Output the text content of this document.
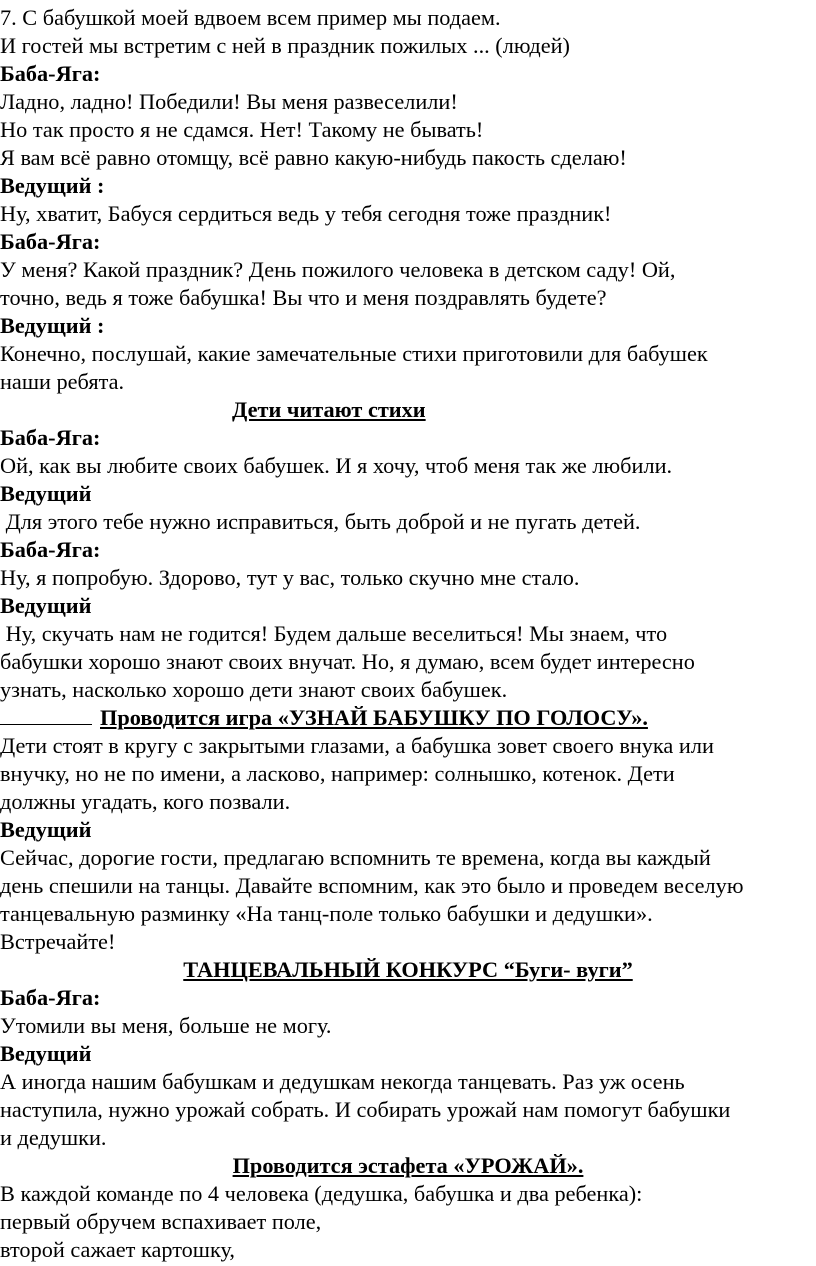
7. С бабушкой моей вдвоем всем пример мы подаем.
И гостей мы встретим с ней в праздник пожилых ... (людей)
Баба-Яга:
Ладно, ладно! Победили! Вы меня развеселили!
Но так просто я не сдамся. Нет! Такому не бывать!
Я вам всё равно отомщу, всё равно какую-нибудь пакость сделаю!
Ведущий :
Ну, хватит, Бабуся сердиться ведь у тебя сегодня тоже праздник!
Баба-Яга:
У меня? Какой праздник? День пожилого человека в детском саду! Ой,
точно, ведь я тоже бабушка! Вы что и меня поздравлять будете?
Ведущий :
Конечно, послушай, какие замечательные стихи приготовили для бабушек
наши ребята.
Дети читают стихи
Баба-Яга:
Ой, как вы любите своих бабушек. И я хочу, чтоб меня так же любили.
Ведущий
Для этого тебе нужно исправиться, быть доброй и не пугать детей.
Баба-Яга:
Ну, я попробую. Здорово, тут у вас, только скучно мне стало.
Ведущий
Ну, скучать нам не годится! Будем дальше веселиться! Мы знаем, что
бабушки хорошо знают своих внучат. Но, я думаю, всем будет интересно
узнать, насколько хорошо дети знают своих бабушек.
Проводится игра «УЗНАЙ БАБУШКУ ПО ГОЛОСУ».
Дети стоят в кругу с закрытыми глазами, а бабушка зовет своего внука или
внучку, но не по имени, а ласково, например: солнышко, котенок. Дети
должны угадать, кого позвали.
Ведущий
Сейчас, дорогие гости, предлагаю вспомнить те времена, когда вы каждый
день спешили на танцы. Давайте вспомним, как это было и проведем веселую
танцевальную разминку «На танц-поле только бабушки и дедушки».
Встречайте!
ТАНЦЕВАЛЬНЫЙ КОНКУРС “Буги- вуги”
Баба-Яга:
Утомили вы меня, больше не могу.
Ведущий
А иногда нашим бабушкам и дедушкам некогда танцевать. Раз уж осень
наступила, нужно урожай собрать. И собирать урожай нам помогут бабушки
и дедушки.
Проводится эстафета «УРОЖАЙ».
В каждой команде по 4 человека (дедушка, бабушка и два ребенка):
первый обручем вспахивает поле,
второй сажает картошку,
